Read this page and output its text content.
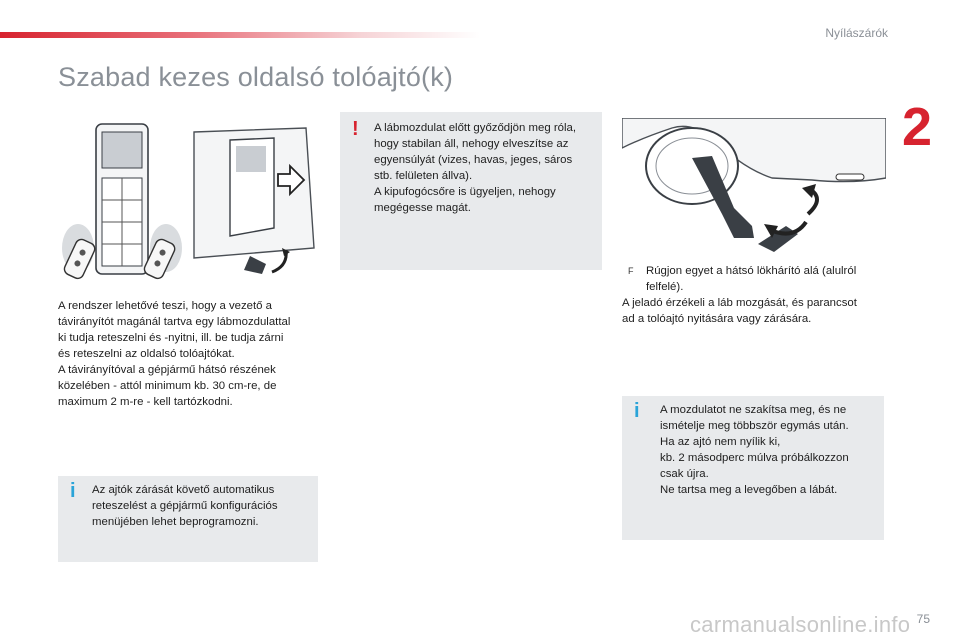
Nyílászárók
2
Szabad kezes oldalsó tolóajtó(k)
A rendszer lehetővé teszi, hogy a vezető a
távirányítót magánál tartva egy lábmozdulattal
ki tudja reteszelni és -nyitni, ill. be tudja zárni
és reteszelni az oldalsó tolóajtókat.
A távirányítóval a gépjármű hátsó részének
közelében - attól minimum kb. 30 cm-re, de
maximum 2 m-re - kell tartózkodni.
i Az ajtók zárását követő automatikus
reteszelést a gépjármű konfigurációs
menüjében lehet beprogramozni.
! A lábmozdulat előtt győződjön meg róla,
hogy stabilan áll, nehogy elveszítse az
egyensúlyát (vizes, havas, jeges, sáros
stb. felületen állva).
A kipufogócsőre is ügyeljen, nehogy
megégesse magát.
F Rúgjon egyet a hátsó lökhárító alá (alulról
felfelé).
A jeladó érzékeli a láb mozgását, és parancsot
ad a tolóajtó nyitására vagy zárására.
i A mozdulatot ne szakítsa meg, és ne
ismételje meg többször egymás után.
Ha az ajtó nem nyílik ki,
kb. 2 másodperc múlva próbálkozzon
csak újra.
Ne tartsa meg a levegőben a lábát.
carmanualsonline.info 75
